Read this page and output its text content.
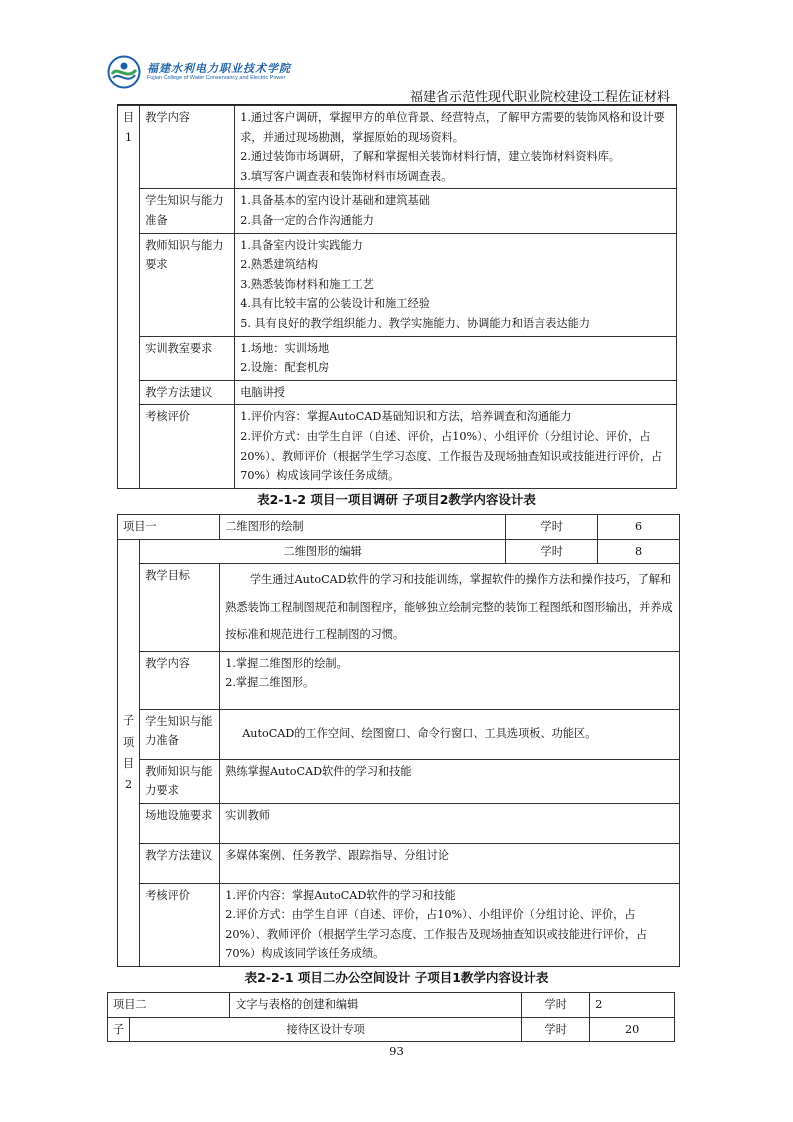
福建水利电力职业技术学院
Fujian College of Water Conservancy and Electric Power
福建省示范性现代职业院校建设工程佐证材料
目
1	教学内容	1.通过客户调研，掌握甲方的单位背景、经营特点，了解甲方需要的装饰风格和设计要求，并通过现场勘测，掌握原始的现场资料。
2.通过装饰市场调研，了解和掌握相关装饰材料行情，建立装饰材料资料库。
3.填写客户调查表和装饰材料市场调查表。

	学生知识与能力准备	1.具备基本的室内设计基础和建筑基础
2.具备一定的合作沟通能力

	教师知识与能力要求	1.具备室内设计实践能力
2.熟悉建筑结构
3.熟悉装饰材料和施工工艺
4.具有比较丰富的公装设计和施工经验
5. 具有良好的教学组织能力、教学实施能力、协调能力和语言表达能力

	实训教室要求	1.场地：实训场地
2.设施：配套机房

	教学方法建议	电脑讲授

	考核评价	1.评价内容：掌握AutoCAD基础知识和方法，培养调查和沟通能力
2.评价方式：由学生自评（自述、评价，占10%）、小组评价（分组讨论、评价，占20%）、教师评价（根据学生学习态度、工作报告及现场抽查知识或技能进行评价，占70%）构成该同学该任务成绩。
表2-1-2 项目一项目调研 子项目2教学内容设计表
项目一		二维图形的绘制	学时	6
子
项
目
2	二维图形的编辑		学时	8
	教学目标	学生通过AutoCAD软件的学习和技能训练，掌握软件的操作方法和操作技巧，了解和熟悉装饰工程制图规范和制图程序，能够独立绘制完整的装饰工程图纸和图形输出，并养成按标准和规范进行工程制图的习惯。		

	教学内容	1.掌握二维图形的绘制。
2.掌握二维图形。		

	学生知识与能力准备	AutoCAD的工作空间、绘图窗口、命令行窗口、工具选项板、功能区。		

	教师知识与能力要求	熟练掌握AutoCAD软件的学习和技能		

	场地设施要求	实训教师		

	教学方法建议	多媒体案例、任务教学、跟踪指导、分组讨论		

	考核评价	1.评价内容：掌握AutoCAD软件的学习和技能
2.评价方式：由学生自评（自述、评价，占10%）、小组评价（分组讨论、评价，占20%）、教师评价（根据学生学习态度、工作报告及现场抽查知识或技能进行评价，占70%）构成该同学该任务成绩。		
表2-2-1 项目二办公空间设计 子项目1教学内容设计表
项目二		文字与表格的创建和编辑	学时	2
子	接待区设计专项		学时	20
93
